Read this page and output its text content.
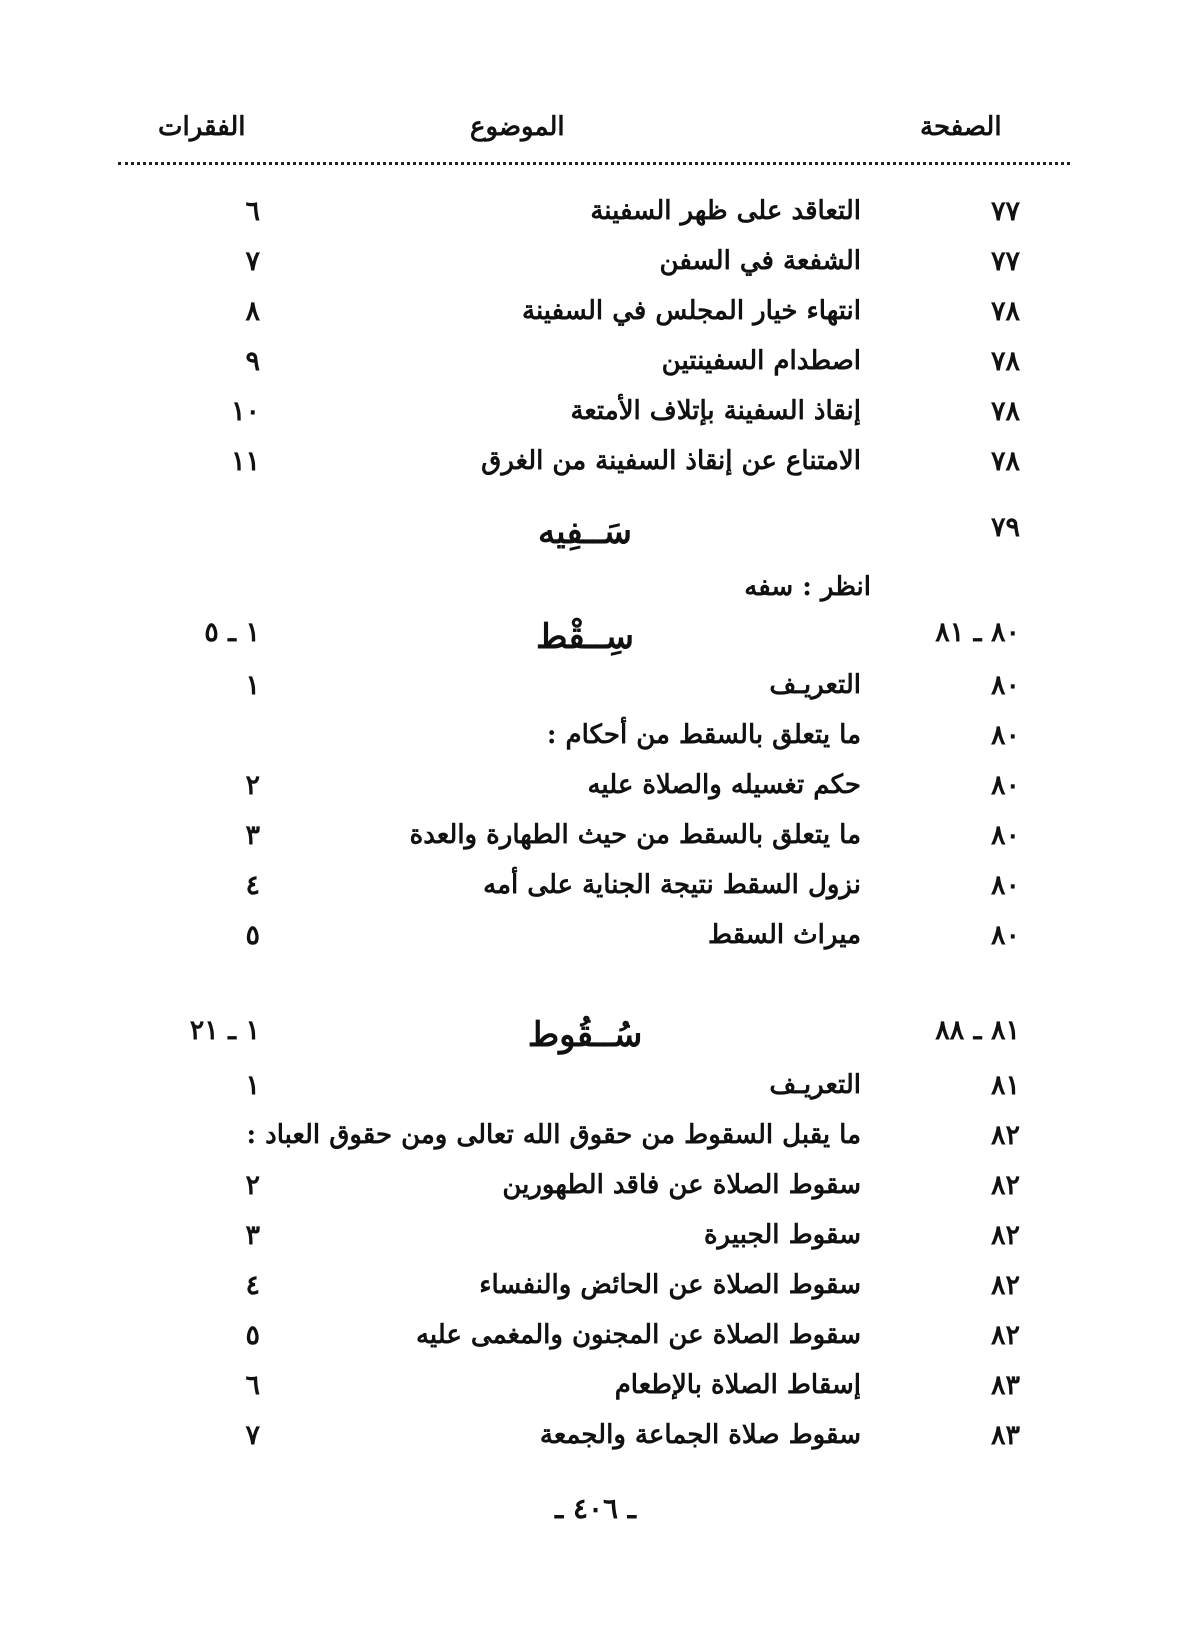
الصفحة
الموضوع
الفقرات
٧٧
التعاقد على ظهر السفينة
٦
٧٧
الشفعة في السفن
٧
٧٨
انتهاء خيار المجلس في السفينة
٨
٧٨
اصطدام السفينتين
٩
٧٨
إنقاذ السفينة بإتلاف الأمتعة
١٠
٧٨
الامتناع عن إنقاذ السفينة من الغرق
١١
٧٩
سَــفِيه
انظر : سفه
٨٠ ـ ٨١
سِــقْط
١ ـ ٥
٨٠
التعريـف
١
٨٠
ما يتعلق بالسقط من أحكام :
٨٠
حكم تغسيله والصلاة عليه
٢
٨٠
ما يتعلق بالسقط من حيث الطهارة والعدة
٣
٨٠
نزول السقط نتيجة الجناية على أمه
٤
٨٠
ميراث السقط
٥
٨١ ـ ٨٨
سُــقُوط
١ ـ ٢١
٨١
التعريـف
١
٨٢
ما يقبل السقوط من حقوق الله تعالى ومن حقوق العباد :
٨٢
سقوط الصلاة عن فاقد الطهورين
٢
٨٢
سقوط الجبيرة
٣
٨٢
سقوط الصلاة عن الحائض والنفساء
٤
٨٢
سقوط الصلاة عن المجنون والمغمى عليه
٥
٨٣
إسقاط الصلاة بالإطعام
٦
٨٣
سقوط صلاة الجماعة والجمعة
٧
ـ ٤٠٦ ـ
